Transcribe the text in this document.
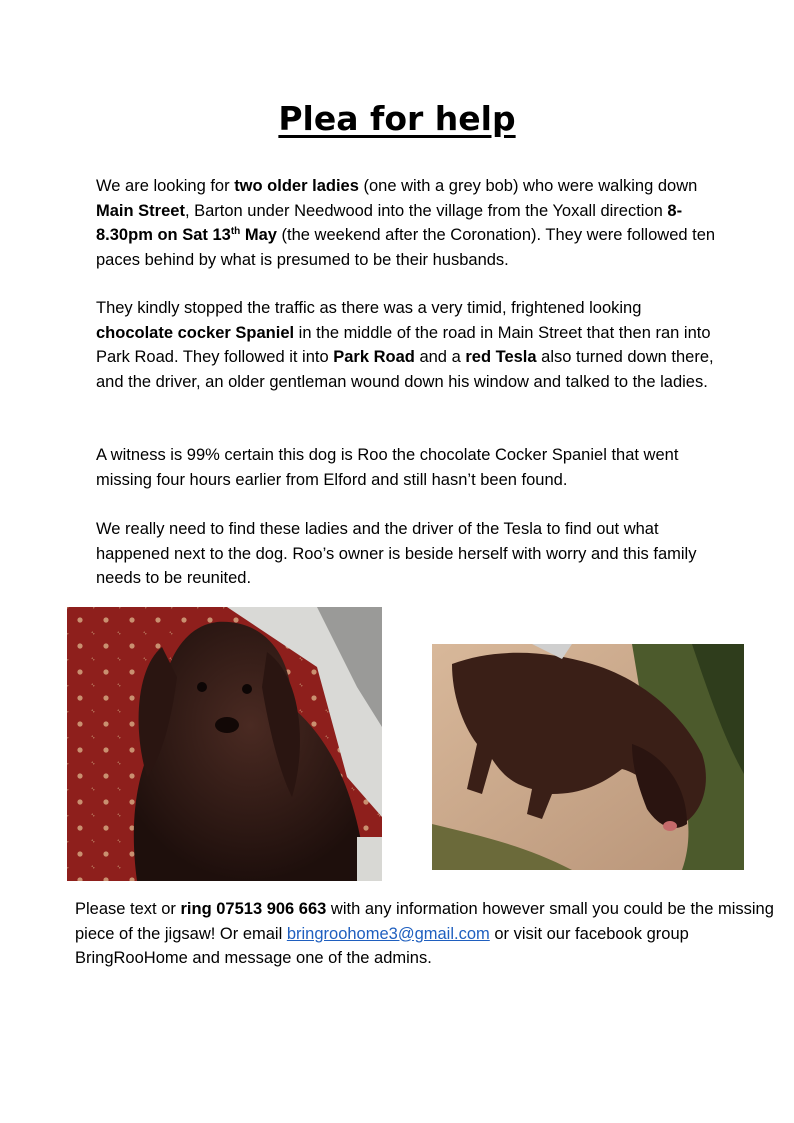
Plea for help

We are looking for two older ladies (one with a grey bob) who were walking down Main Street, Barton under Needwood into the village from the Yoxall direction 8-8.30pm on Sat 13th May (the weekend after the Coronation). They were followed ten paces behind by what is presumed to be their husbands.

They kindly stopped the traffic as there was a very timid, frightened looking chocolate cocker Spaniel in the middle of the road in Main Street that then ran into Park Road. They followed it into Park Road and a red Tesla also turned down there, and the driver, an older gentleman wound down his window and talked to the ladies.

A witness is 99% certain this dog is Roo the chocolate Cocker Spaniel that went missing four hours earlier from Elford and still hasn’t been found.

We really need to find these ladies and the driver of the Tesla to find out what happened next to the dog. Roo’s owner is beside herself with worry and this family needs to be reunited.

Please text or ring 07513 906 663 with any information however small you could be the missing piece of the jigsaw! Or email bringroohome3@gmail.com or visit our facebook group BringRooHome and message one of the admins.
